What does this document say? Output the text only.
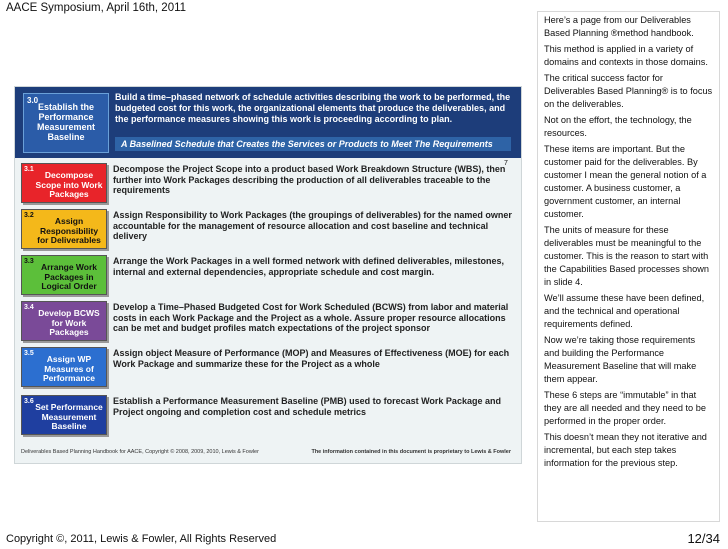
AACE Symposium, April 16th, 2011
3.0
Establish the Performance Measurement Baseline
Build a time–phased network of schedule activities describing the work to be performed, the budgeted cost for this work, the organizational elements that produce the deliverables, and the performance measures showing this work is proceeding according to plan.
A Baselined Schedule that Creates the Services or Products to Meet The Requirements
7
3.1
Decompose Scope into Work Packages
Decompose the Project Scope into a product based Work Breakdown Structure (WBS), then further into Work Packages describing the production of all deliverables traceable to the requirements
3.2
Assign Responsibility for Deliverables
Assign Responsibility to Work Packages (the groupings of deliverables) for the named owner accountable for the management of resource allocation and cost baseline and technical delivery
3.3
Arrange Work Packages in Logical Order
Arrange the Work Packages in a well formed network with defined deliverables, milestones, internal and external dependencies, appropriate schedule and cost margin.
3.4
Develop BCWS for Work Packages
Develop a Time–Phased Budgeted Cost for Work Scheduled (BCWS) from labor and material costs in each Work Package and the Project as a whole. Assure proper resource allocations can be met and budget profiles match expectations of the project sponsor
3.5
Assign WP Measures of Performance
Assign object Measure of Performance (MOP) and Measures of Effectiveness (MOE) for each Work Package and summarize these for the Project as a whole
3.6
Set Performance Measurement Baseline
Establish a Performance Measurement Baseline (PMB) used to forecast Work Package and Project ongoing and completion cost and schedule metrics
Deliverables Based Planning Handbook for AACE, Copyright © 2008, 2009, 2010, Lewis & Fowler	The information contained in this document is proprietary to Lewis & Fowler

Here’s a page from our Deliverables Based Planning ®method handbook.

This method is applied in a variety of domains and contexts in those domains.

The critical success factor for Deliverables Based Planning® is to focus on the deliverables.

Not on the effort, the technology, the resources.

These items are important. But the customer paid for the deliverables. By customer I mean the general notion of a customer. A business customer, a government customer, an internal customer.

The units of measure for these deliverables must be meaningful to the customer. This is the reason to start with the Capabilities Based processes shown in slide 4.

We’ll assume these have been defined, and the technical and operational requirements defined.

Now we’re taking those requirements and building the Performance Measurement Baseline that will make them appear.

These 6 steps are “immutable” in that they are all needed and they need to be performed in the proper order.

This doesn’t mean they not iterative and incremental, but each step takes information for the previous step.

Copyright ©, 2011, Lewis & Fowler, All Rights Reserved	12/34
